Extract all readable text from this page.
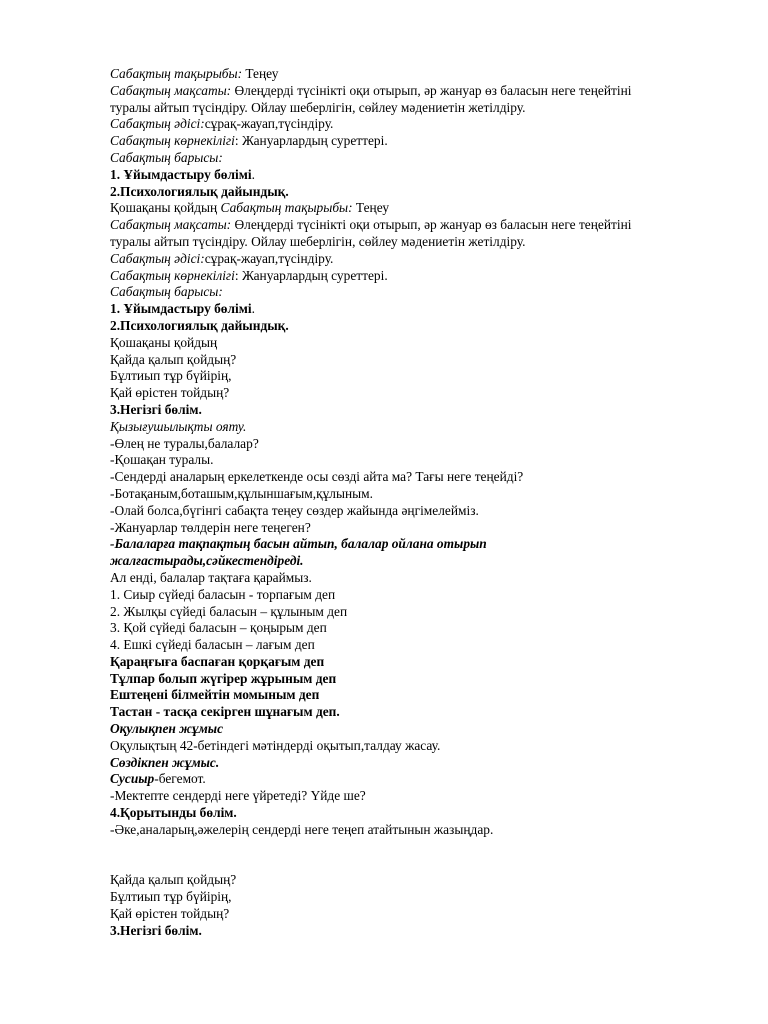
Сабақтың тақырыбы: Теңеу

Сабақтың мақсаты: Өлеңдерді түсінікті оқи отырып, әр жануар өз баласын неге теңейтіні туралы айтып түсіндіру. Ойлау шеберлігін, сөйлеу мәдениетін жетілдіру.

Сабақтың әдісі:сұрақ-жауап,түсіндіру.

Сабақтың көрнекілігі: Жануарлардың суреттері.

Сабақтың барысы:

1. Ұйымдастыру бөлімі.

2.Психологиялық дайындық.

Қошақаны қойдың Сабақтың тақырыбы: Теңеу

Сабақтың мақсаты: Өлеңдерді түсінікті оқи отырып, әр жануар өз баласын неге теңейтіні туралы айтып түсіндіру. Ойлау шеберлігін, сөйлеу мәдениетін жетілдіру.

Сабақтың әдісі:сұрақ-жауап,түсіндіру.

Сабақтың көрнекілігі: Жануарлардың суреттері.

Сабақтың барысы:

1. Ұйымдастыру бөлімі.

2.Психологиялық дайындық.

Қошақаны қойдың

Қайда қалып қойдың?

Бұлтиып тұр бүйірің,

Қай өрістен тойдың?

3.Негізгі бөлім.

Қызығушылықты ояту.

-Өлең не туралы,балалар?

-Қошақан туралы.

-Сендерді аналарың еркелеткенде осы сөзді айта ма? Тағы неге теңейді?

-Ботақаным,боташым,құлыншағым,құлыным.

-Олай болса,бүгінгі сабақта теңеу сөздер жайында әңгімелейміз.

-Жануарлар төлдерін неге теңеген?

-Балаларға тақпақтың басын айтып, балалар ойлана отырып

жалғастырады,сәйкестендіреді.

Ал енді, балалар тақтаға қараймыз.

1. Сиыр сүйеді баласын - торпағым деп

2. Жылқы сүйеді баласын – құлыным деп

3. Қой сүйеді баласын – қоңырым деп

4. Ешкі сүйеді баласын – лағым деп

Қараңғыға баспаған қорқағым деп

Тұлпар болып жүгірер жұрыным деп

Ештеңені білмейтін момыным деп

Тастан - тасқа секірген шұнағым деп.

Оқулықпен жұмыс

Оқулықтың 42-бетіндегі мәтіндерді оқытып,талдау жасау.

Сөздікпен жұмыс.

Сусиыр-бегемот.

-Мектепте сендерді неге үйретеді? Үйде ше?

4.Қорытынды бөлім.

-Әке,аналарың,әжелерің сендерді неге теңеп атайтынын жазыңдар.

Қайда қалып қойдың?

Бұлтиып тұр бүйірің,

Қай өрістен тойдың?

3.Негізгі бөлім.
